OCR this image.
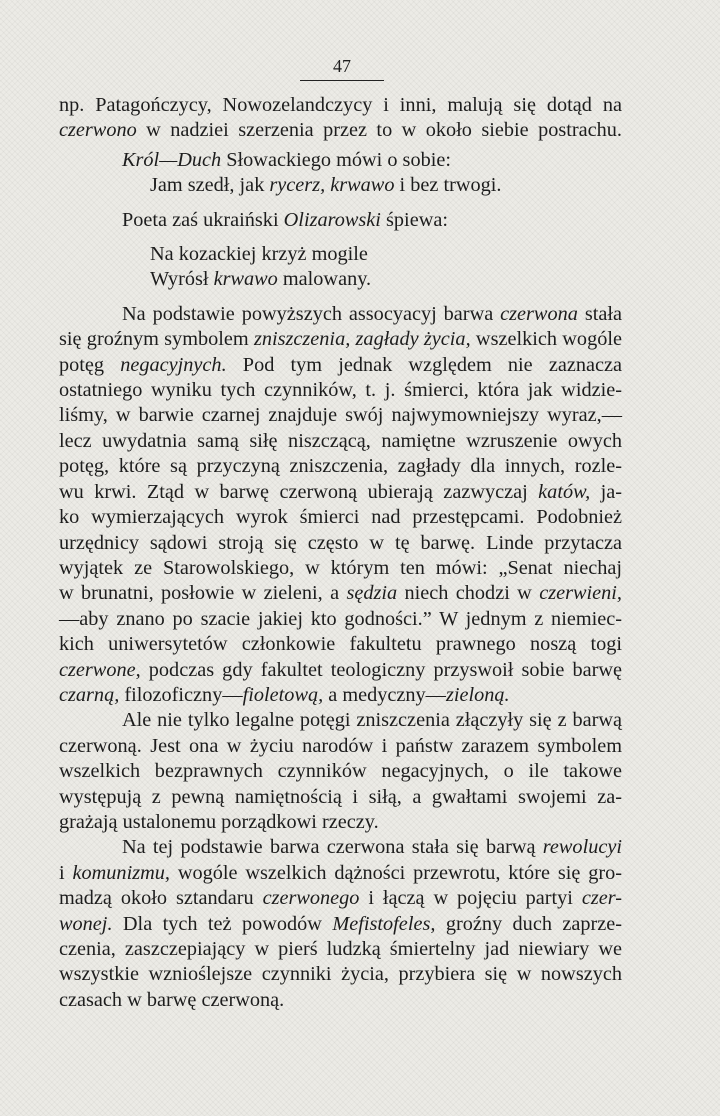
47

np. Patagończycy, Nowozelandczycy i inni, malują się dotąd na
czerwono w nadziei szerzenia przez to w około siebie postrachu.

Król—Duch Słowackiego mówi o sobie:
Jam szedł, jak rycerz, krwawo i bez trwogi.

Poeta zaś ukraiński Olizarowski śpiewa:

Na kozackiej krzyż mogile
Wyrósł krwawo malowany.

Na podstawie powyższych assocyacyj barwa czerwona stała
się groźnym symbolem zniszczenia, zagłady życia, wszelkich wogóle
potęg negacyjnych. Pod tym jednak względem nie zaznacza
ostatniego wyniku tych czynników, t. j. śmierci, która jak widzie-
liśmy, w barwie czarnej znajduje swój najwymowniejszy wyraz,—
lecz uwydatnia samą siłę niszczącą, namiętne wzruszenie owych
potęg, które są przyczyną zniszczenia, zagłady dla innych, rozle-
wu krwi. Ztąd w barwę czerwoną ubierają zazwyczaj katów, ja-
ko wymierzających wyrok śmierci nad przestępcami. Podobnież
urzędnicy sądowi stroją się często w tę barwę. Linde przytacza
wyjątek ze Starowolskiego, w którym ten mówi: „Senat niechaj
w brunatni, posłowie w zieleni, a sędzia niech chodzi w czerwieni,
—aby znano po szacie jakiej kto godności.” W jednym z niemiec-
kich uniwersytetów członkowie fakultetu prawnego noszą togi
czerwone, podczas gdy fakultet teologiczny przyswoił sobie barwę
czarną, filozoficzny—fioletową, a medyczny—zieloną.

Ale nie tylko legalne potęgi zniszczenia złączyły się z barwą
czerwoną. Jest ona w życiu narodów i państw zarazem symbolem
wszelkich bezprawnych czynników negacyjnych, o ile takowe
występują z pewną namiętnością i siłą, a gwałtami swojemi za-
grażają ustalonemu porządkowi rzeczy.

Na tej podstawie barwa czerwona stała się barwą rewolucyi
i komunizmu, wogóle wszelkich dążności przewrotu, które się gro-
madzą około sztandaru czerwonego i łączą w pojęciu partyi czer-
wonej. Dla tych też powodów Mefistofeles, groźny duch zaprze-
czenia, zaszczepiający w pierś ludzką śmiertelny jad niewiary we
wszystkie wznioślejsze czynniki życia, przybiera się w nowszych
czasach w barwę czerwoną.
